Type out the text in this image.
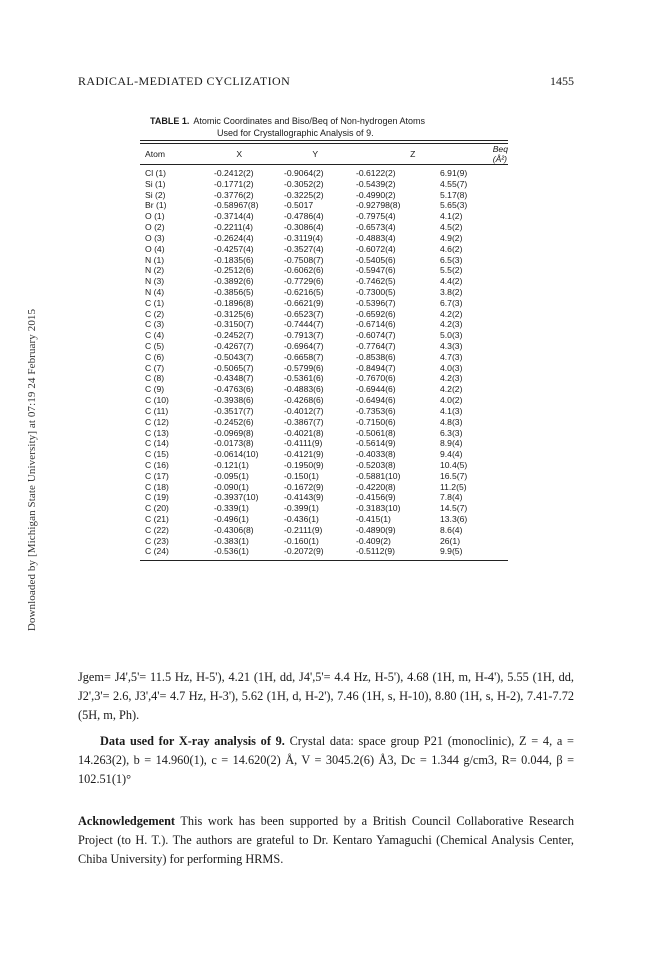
Downloaded by [Michigan State University] at 07:19 24 February 2015
RADICAL-MEDIATED CYCLIZATION	1455
TABLE 1. Atomic Coordinates and Biso/Beq of Non-hydrogen Atoms
Used for Crystallographic Analysis of 9.
Atom	X	Y	Z	Beq (Å²)
Cl (1)	-0.2412(2)	-0.9064(2)	-0.6122(2)	6.91(9)
Si (1)	-0.1771(2)	-0.3052(2)	-0.5439(2)	4.55(7)
Si (2)	-0.3776(2)	-0.3225(2)	-0.4990(2)	5.17(8)
Br (1)	-0.58967(8)	-0.5017	-0.92798(8)	5.65(3)
O (1)	-0.3714(4)	-0.4786(4)	-0.7975(4)	4.1(2)
O (2)	-0.2211(4)	-0.3086(4)	-0.6573(4)	4.5(2)
O (3)	-0.2624(4)	-0.3119(4)	-0.4883(4)	4.9(2)
O (4)	-0.4257(4)	-0.3527(4)	-0.6072(4)	4.6(2)
N (1)	-0.1835(6)	-0.7508(7)	-0.5405(6)	6.5(3)
N (2)	-0.2512(6)	-0.6062(6)	-0.5947(6)	5.5(2)
N (3)	-0.3892(6)	-0.7729(6)	-0.7462(5)	4.4(2)
N (4)	-0.3856(5)	-0.6216(5)	-0.7300(5)	3.8(2)
C (1)	-0.1896(8)	-0.6621(9)	-0.5396(7)	6.7(3)
C (2)	-0.3125(6)	-0.6523(7)	-0.6592(6)	4.2(2)
C (3)	-0.3150(7)	-0.7444(7)	-0.6714(6)	4.2(3)
C (4)	-0.2452(7)	-0.7913(7)	-0.6074(7)	5.0(3)
C (5)	-0.4267(7)	-0.6964(7)	-0.7764(7)	4.3(3)
C (6)	-0.5043(7)	-0.6658(7)	-0.8538(6)	4.7(3)
C (7)	-0.5065(7)	-0.5799(6)	-0.8494(7)	4.0(3)
C (8)	-0.4348(7)	-0.5361(6)	-0.7670(6)	4.2(3)
C (9)	-0.4763(6)	-0.4883(6)	-0.6944(6)	4.2(2)
C (10)	-0.3938(6)	-0.4268(6)	-0.6494(6)	4.0(2)
C (11)	-0.3517(7)	-0.4012(7)	-0.7353(6)	4.1(3)
C (12)	-0.2452(6)	-0.3867(7)	-0.7150(6)	4.8(3)
C (13)	-0.0969(8)	-0.4021(8)	-0.5061(8)	6.3(3)
C (14)	-0.0173(8)	-0.4111(9)	-0.5614(9)	8.9(4)
C (15)	-0.0614(10)	-0.4121(9)	-0.4033(8)	9.4(4)
C (16)	-0.121(1)	-0.1950(9)	-0.5203(8)	10.4(5)
C (17)	-0.095(1)	-0.150(1)	-0.5881(10)	16.5(7)
C (18)	-0.090(1)	-0.1672(9)	-0.4220(8)	11.2(5)
C (19)	-0.3937(10)	-0.4143(9)	-0.4156(9)	7.8(4)
C (20)	-0.339(1)	-0.399(1)	-0.3183(10)	14.5(7)
C (21)	-0.496(1)	-0.436(1)	-0.415(1)	13.3(6)
C (22)	-0.4306(8)	-0.2111(9)	-0.4890(9)	8.6(4)
C (23)	-0.383(1)	-0.160(1)	-0.409(2)	26(1)
C (24)	-0.536(1)	-0.2072(9)	-0.5112(9)	9.9(5)
Jgem= J4',5'= 11.5 Hz, H-5'), 4.21 (1H, dd, J4',5'= 4.4 Hz, H-5'), 4.68 (1H, m, H-4'), 5.55 (1H, dd, J2',3'= 2.6, J3',4'= 4.7 Hz, H-3'), 5.62 (1H, d, H-2'), 7.46 (1H, s, H-10), 8.80 (1H, s, H-2), 7.41-7.72 (5H, m, Ph).
Data used for X-ray analysis of 9. Crystal data: space group P21 (monoclinic), Z = 4, a = 14.263(2), b = 14.960(1), c = 14.620(2) Å, V = 3045.2(6) Å3, Dc = 1.344 g/cm3, R= 0.044, β = 102.51(1)°
Acknowledgement This work has been supported by a British Council Collaborative Research Project (to H. T.). The authors are grateful to Dr. Kentaro Yamaguchi (Chemical Analysis Center, Chiba University) for performing HRMS.
